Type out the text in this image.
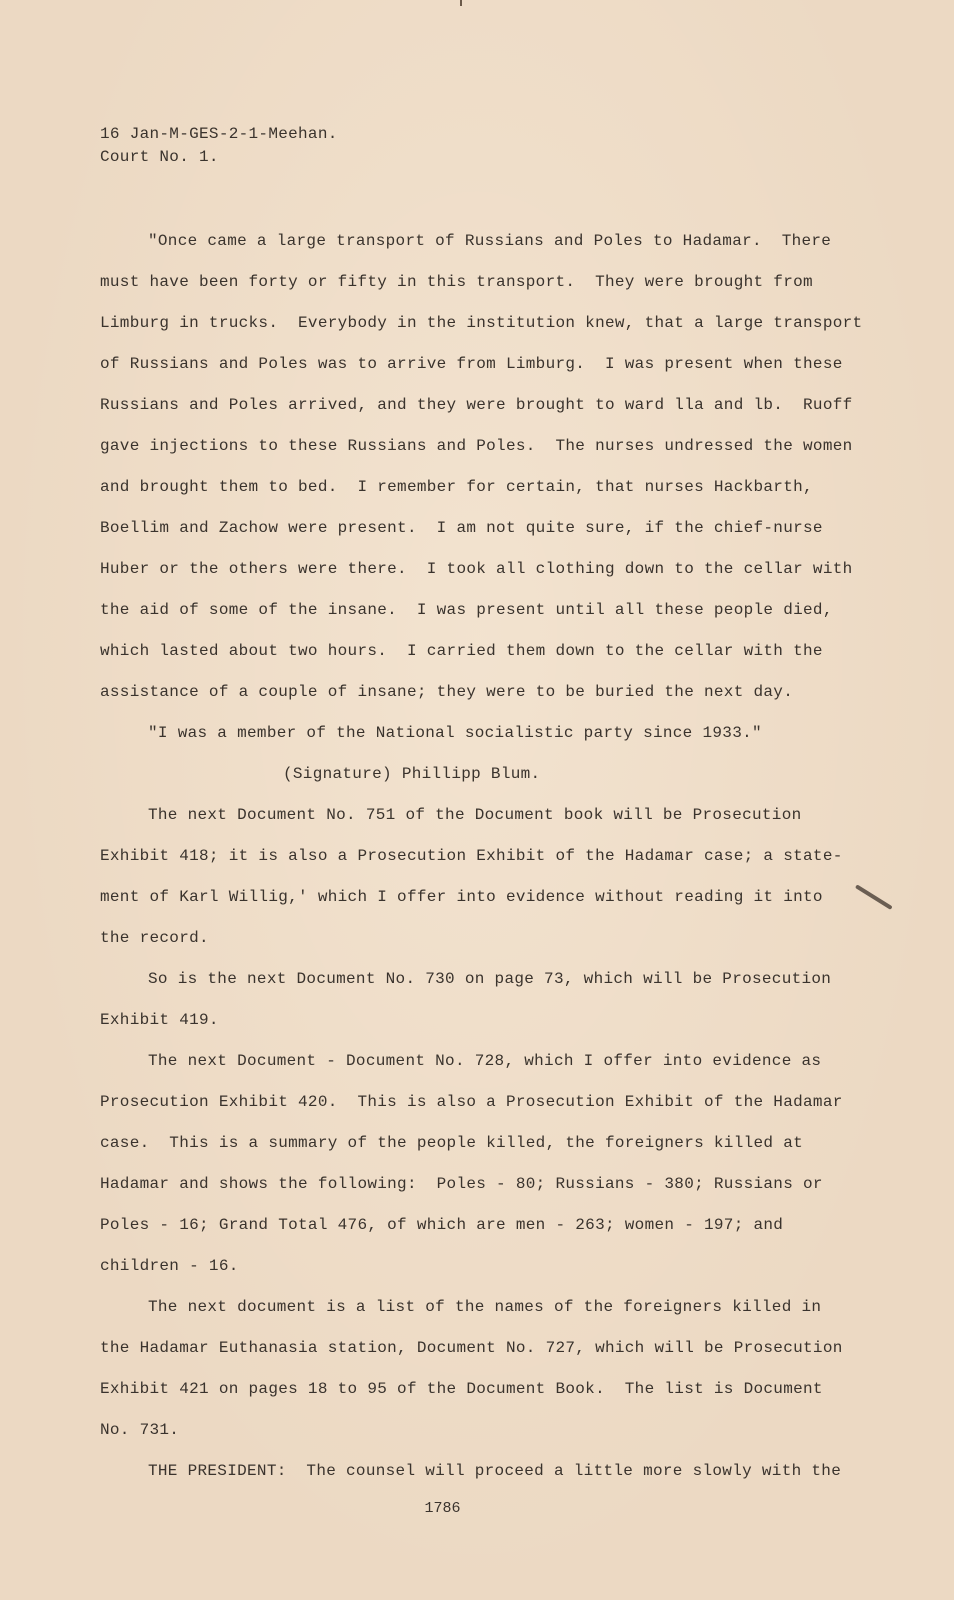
16 Jan-M-GES-2-1-Meehan.
Court No. 1.
"Once came a large transport of Russians and Poles to Hadamar.  There
must have been forty or fifty in this transport.  They were brought from
Limburg in trucks.  Everybody in the institution knew, that a large transport
of Russians and Poles was to arrive from Limburg.  I was present when these
Russians and Poles arrived, and they were brought to ward lla and lb.  Ruoff
gave injections to these Russians and Poles.  The nurses undressed the women
and brought them to bed.  I remember for certain, that nurses Hackbarth,
Boellim and Zachow were present.  I am not quite sure, if the chief-nurse
Huber or the others were there.  I took all clothing down to the cellar with
the aid of some of the insane.  I was present until all these people died,
which lasted about two hours.  I carried them down to the cellar with the
assistance of a couple of insane; they were to be buried the next day.
"I was a member of the National socialistic party since 1933."
(Signature) Phillipp Blum.
The next Document No. 751 of the Document book will be Prosecution
Exhibit 418; it is also a Prosecution Exhibit of the Hadamar case; a state-
ment of Karl Willig,' which I offer into evidence without reading it into
the record.
So is the next Document No. 730 on page 73, which will be Prosecution
Exhibit 419.
The next Document - Document No. 728, which I offer into evidence as
Prosecution Exhibit 420.  This is also a Prosecution Exhibit of the Hadamar
case.  This is a summary of the people killed, the foreigners killed at
Hadamar and shows the following:  Poles - 80; Russians - 380; Russians or
Poles - 16; Grand Total 476, of which are men - 263; women - 197; and
children - 16.
The next document is a list of the names of the foreigners killed in
the Hadamar Euthanasia station, Document No. 727, which will be Prosecution
Exhibit 421 on pages 18 to 95 of the Document Book.  The list is Document
No. 731.
THE PRESIDENT:  The counsel will proceed a little more slowly with the
1786
